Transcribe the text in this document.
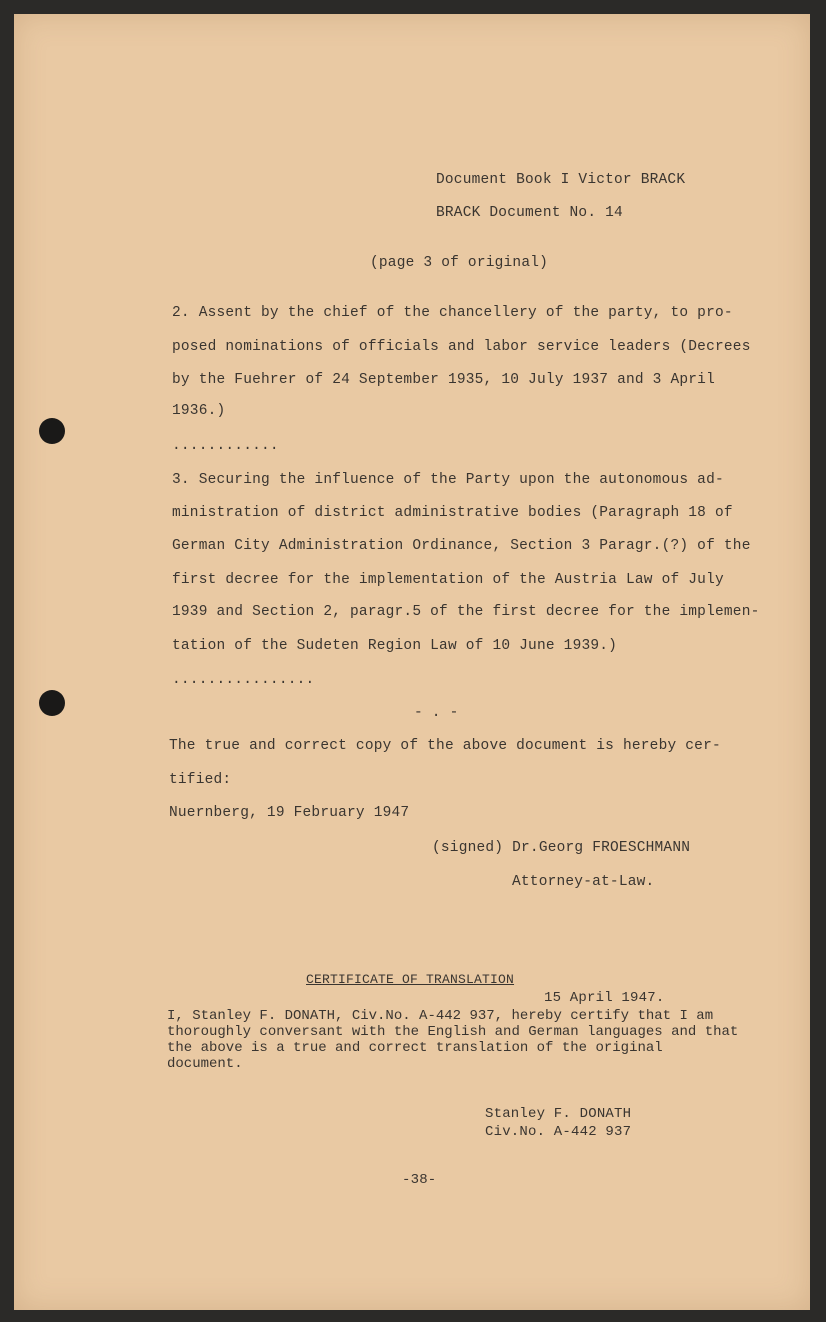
Document Book I Victor BRACK
BRACK Document No. 14
(page 3 of original)
2. Assent by the chief of the chancellery of the party, to pro-
posed nominations of officials and labor service leaders (Decrees
by the Fuehrer of 24 September 1935, 10 July 1937 and 3 April
1936.)
............
3. Securing the influence of the Party upon the autonomous ad-
ministration of district administrative bodies (Paragraph 18 of
German City Administration Ordinance, Section 3 Paragr.(?) of the
first decree for the implementation of the Austria Law of July
1939 and Section 2, paragr.5 of the first decree for the implemen-
tation of the Sudeten Region Law of 10 June 1939.)
................
- . -
The true and correct copy of the above document is hereby cer-
tified:
Nuernberg, 19 February 1947
(signed) Dr.Georg FROESCHMANN
Attorney-at-Law.
CERTIFICATE OF TRANSLATION
15 April 1947.
I, Stanley F. DONATH, Civ.No. A-442 937, hereby certify that I am
thoroughly conversant with the English and German languages and that
the above is a true and correct translation of the original
document.
Stanley F. DONATH
Civ.No. A-442 937
-38-
